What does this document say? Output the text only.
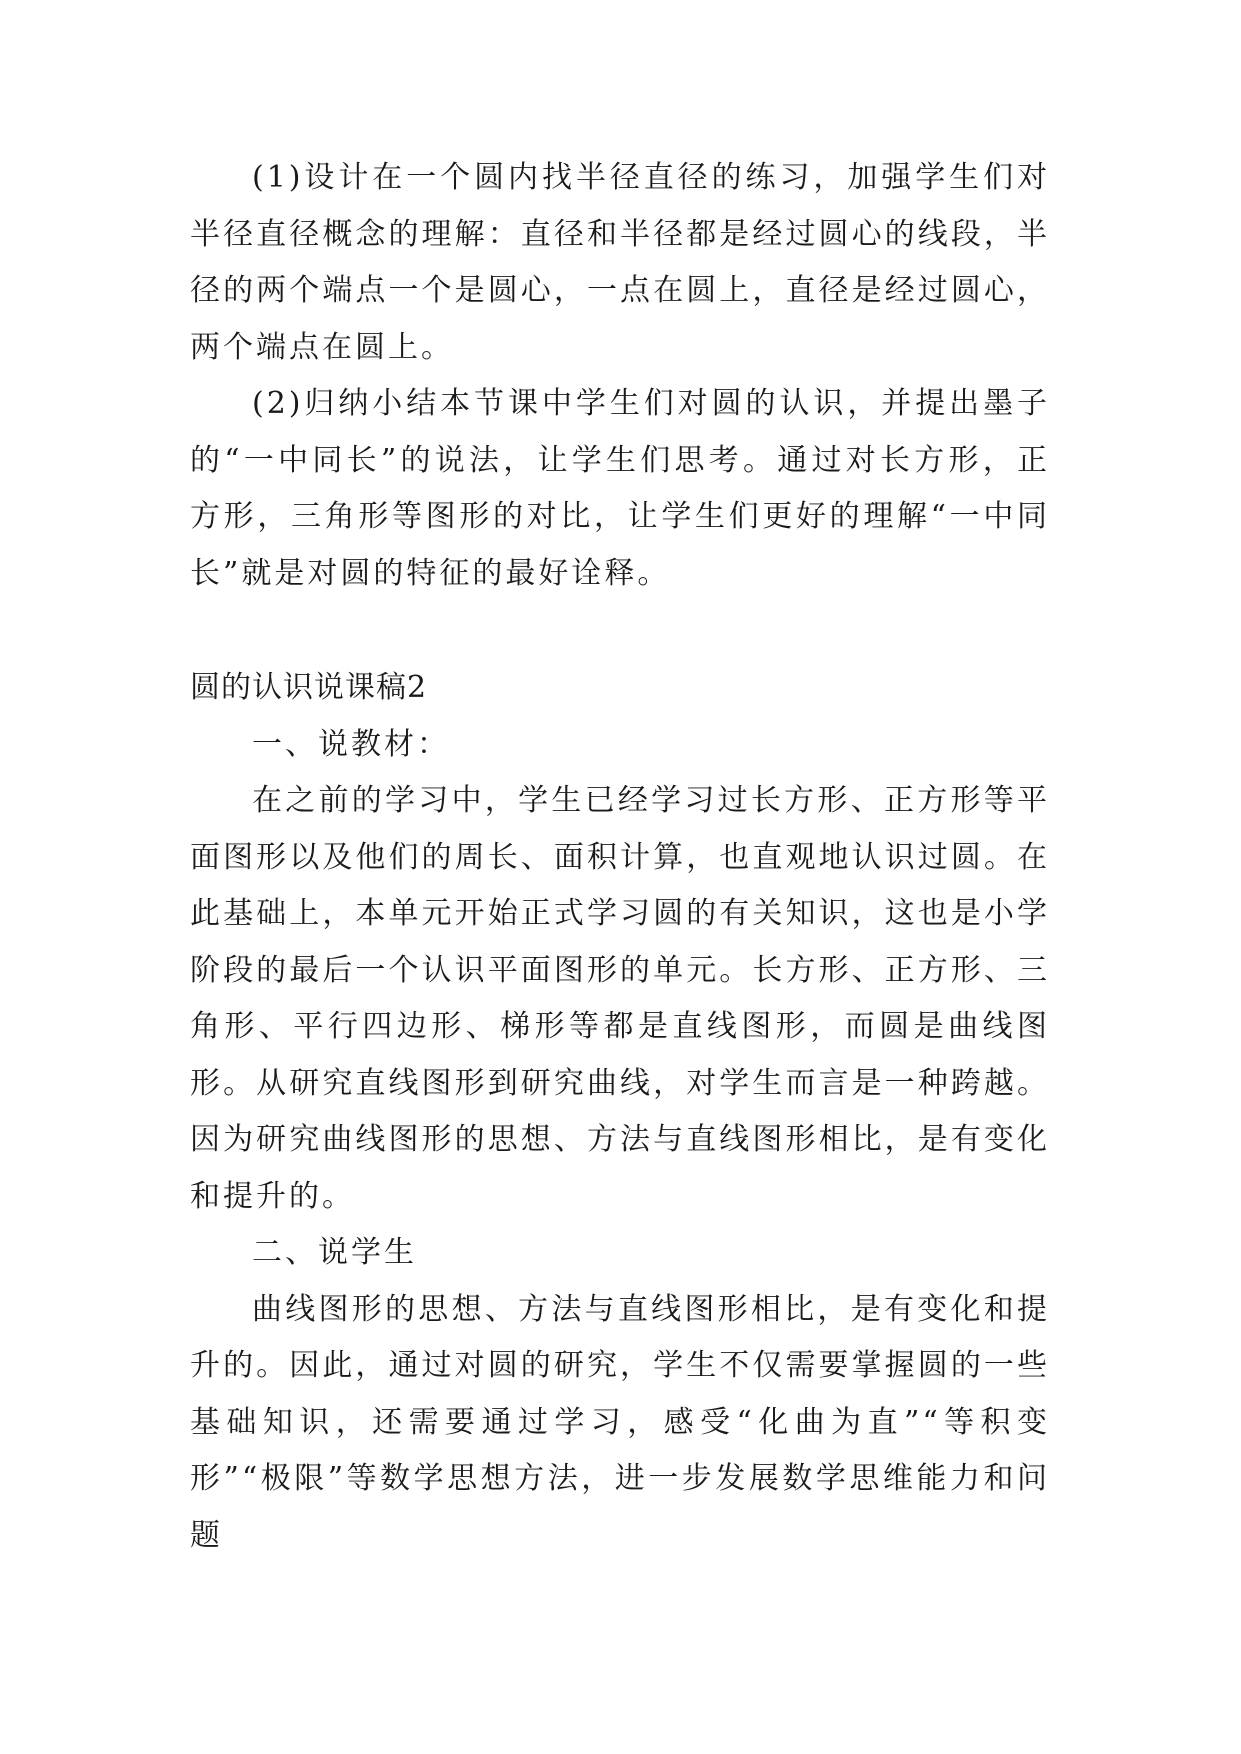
(1)设计在一个圆内找半径直径的练习，加强学生们对半径直径概念的理解：直径和半径都是经过圆心的线段，半径的两个端点一个是圆心，一点在圆上，直径是经过圆心，两个端点在圆上。

(2)归纳小结本节课中学生们对圆的认识，并提出墨子的“一中同长”的说法，让学生们思考。通过对长方形，正方形，三角形等图形的对比，让学生们更好的理解“一中同长”就是对圆的特征的最好诠释。

圆的认识说课稿2

一、说教材：

在之前的学习中，学生已经学习过长方形、正方形等平面图形以及他们的周长、面积计算，也直观地认识过圆。在此基础上，本单元开始正式学习圆的有关知识，这也是小学阶段的最后一个认识平面图形的单元。长方形、正方形、三角形、平行四边形、梯形等都是直线图形，而圆是曲线图形。从研究直线图形到研究曲线，对学生而言是一种跨越。因为研究曲线图形的思想、方法与直线图形相比，是有变化和提升的。

二、说学生

曲线图形的思想、方法与直线图形相比，是有变化和提升的。因此，通过对圆的研究，学生不仅需要掌握圆的一些基础知识，还需要通过学习，感受“化曲为直”“等积变形”“极限”等数学思想方法，进一步发展数学思维能力和问题
